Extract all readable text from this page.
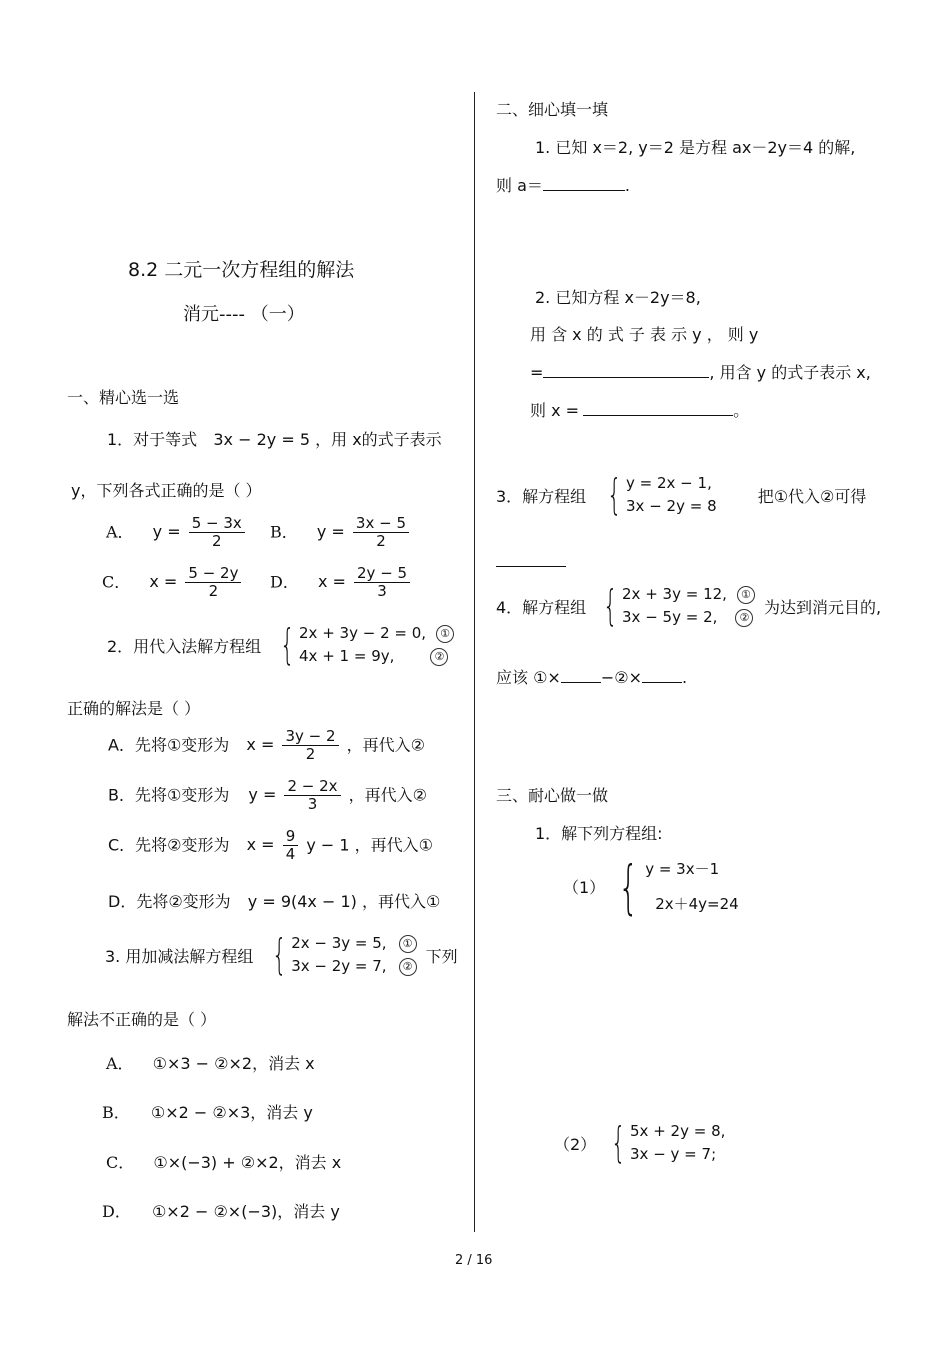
8.2 二元一次方程组的解法
消元---- （一）
一、精心选一选
1．对于等式 3x − 2y = 5 ，用 x的式子表示
y，下列各式正确的是（ ）
A． $y = \frac{5 - 3x}{2}$ B． $y = \frac{3x - 5}{2}$
C． $x = \frac{5 - 2y}{2}$ D． $x = \frac{2y - 5}{3}$
2．用代入法解方程组 { 2x + 3y − 2 = 0, ①
4x + 1 = 9y,	②
正确的解法是（ ）
A．先将①变形为 $x = \frac{3y - 2}{2}$ ，再代入②
B．先将①变形为 $y = \frac{2 - 2x}{3}$ ，再代入②
C．先将②变形为 $x = \frac{9}{4}$ y − 1 ，再代入①
D．先将②变形为 y = 9(4x − 1) ，再代入①
3. 用加减法解方程组 { 2x − 3y = 5, ①
3x − 2y = 7, ②
下列
解法不正确的是（ ）
A． ①×3 − ②×2，消去 x
B． ①×2 − ②×3，消去 y
C． ①×(−3) + ②×2，消去 x
D． ①×2 − ②×(−3)，消去 y
二、细心填一填
1. 已知 x＝2, y＝2 是方程 ax－2y＝4 的解,
则 a＝	.
2. 已知方程 x－2y＝8,
用 含 x 的 式 子 表 示 y ， 则 y
=	, 用含 y 的式子表示 x,
则 x =	。
3．解方程组 { y = 2x − 1,
3x − 2y = 8
把①代入②可得
4．解方程组 { 2x + 3y = 12, ①
3x − 5y = 2, ②
为达到消元目的,
应该 ①×	−②×	.
三、耐心做一做
1．解下列方程组:
（1） { y = 3x－1
2x＋4y=24
（2） { 5x + 2y = 8,
3x − y = 7;
2 / 16
